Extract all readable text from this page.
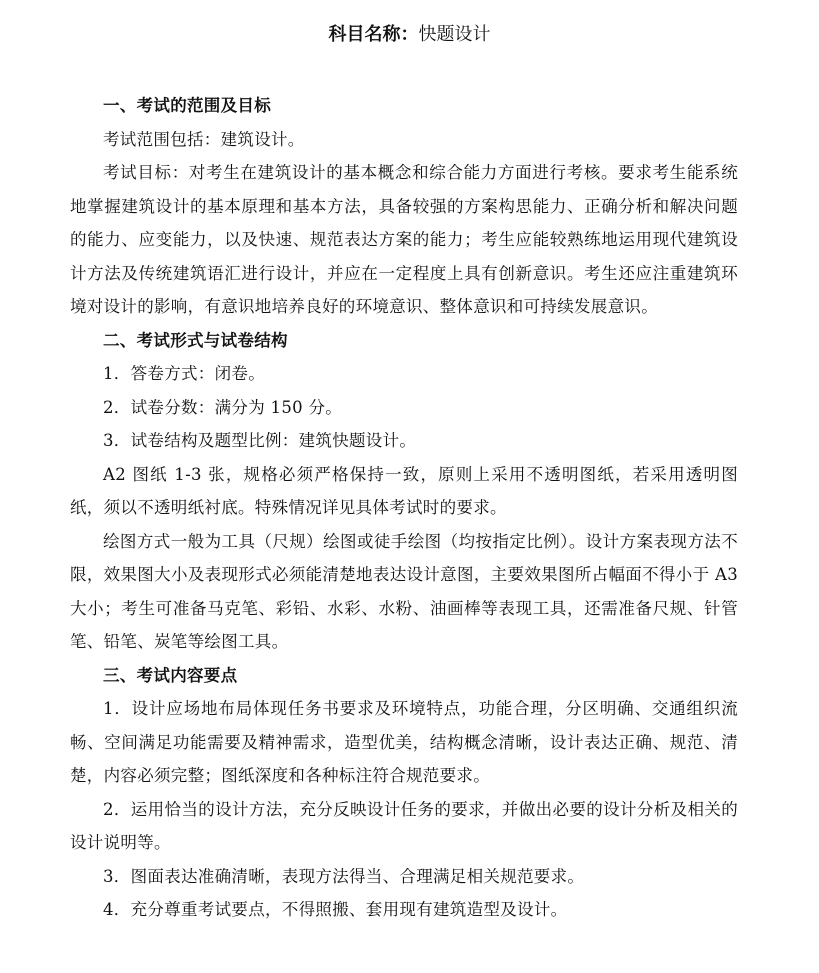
科目名称：快题设计
一、考试的范围及目标

考试范围包括：建筑设计。

考试目标：对考生在建筑设计的基本概念和综合能力方面进行考核。要求考生能系统地掌握建筑设计的基本原理和基本方法，具备较强的方案构思能力、正确分析和解决问题的能力、应变能力，以及快速、规范表达方案的能力；考生应能较熟练地运用现代建筑设计方法及传统建筑语汇进行设计，并应在一定程度上具有创新意识。考生还应注重建筑环境对设计的影响，有意识地培养良好的环境意识、整体意识和可持续发展意识。

二、考试形式与试卷结构

1．答卷方式：闭卷。

2．试卷分数：满分为 150 分。

3．试卷结构及题型比例：建筑快题设计。

A2 图纸 1-3 张，规格必须严格保持一致，原则上采用不透明图纸，若采用透明图纸，须以不透明纸衬底。特殊情况详见具体考试时的要求。

绘图方式一般为工具（尺规）绘图或徒手绘图（均按指定比例）。设计方案表现方法不限，效果图大小及表现形式必须能清楚地表达设计意图，主要效果图所占幅面不得小于 A3 大小；考生可准备马克笔、彩铅、水彩、水粉、油画棒等表现工具，还需准备尺规、针管笔、铅笔、炭笔等绘图工具。

三、考试内容要点

1．设计应场地布局体现任务书要求及环境特点，功能合理，分区明确、交通组织流畅、空间满足功能需要及精神需求，造型优美，结构概念清晰，设计表达正确、规范、清楚，内容必须完整；图纸深度和各种标注符合规范要求。

2．运用恰当的设计方法，充分反映设计任务的要求，并做出必要的设计分析及相关的设计说明等。

3．图面表达准确清晰，表现方法得当、合理满足相关规范要求。

4．充分尊重考试要点，不得照搬、套用现有建筑造型及设计。
